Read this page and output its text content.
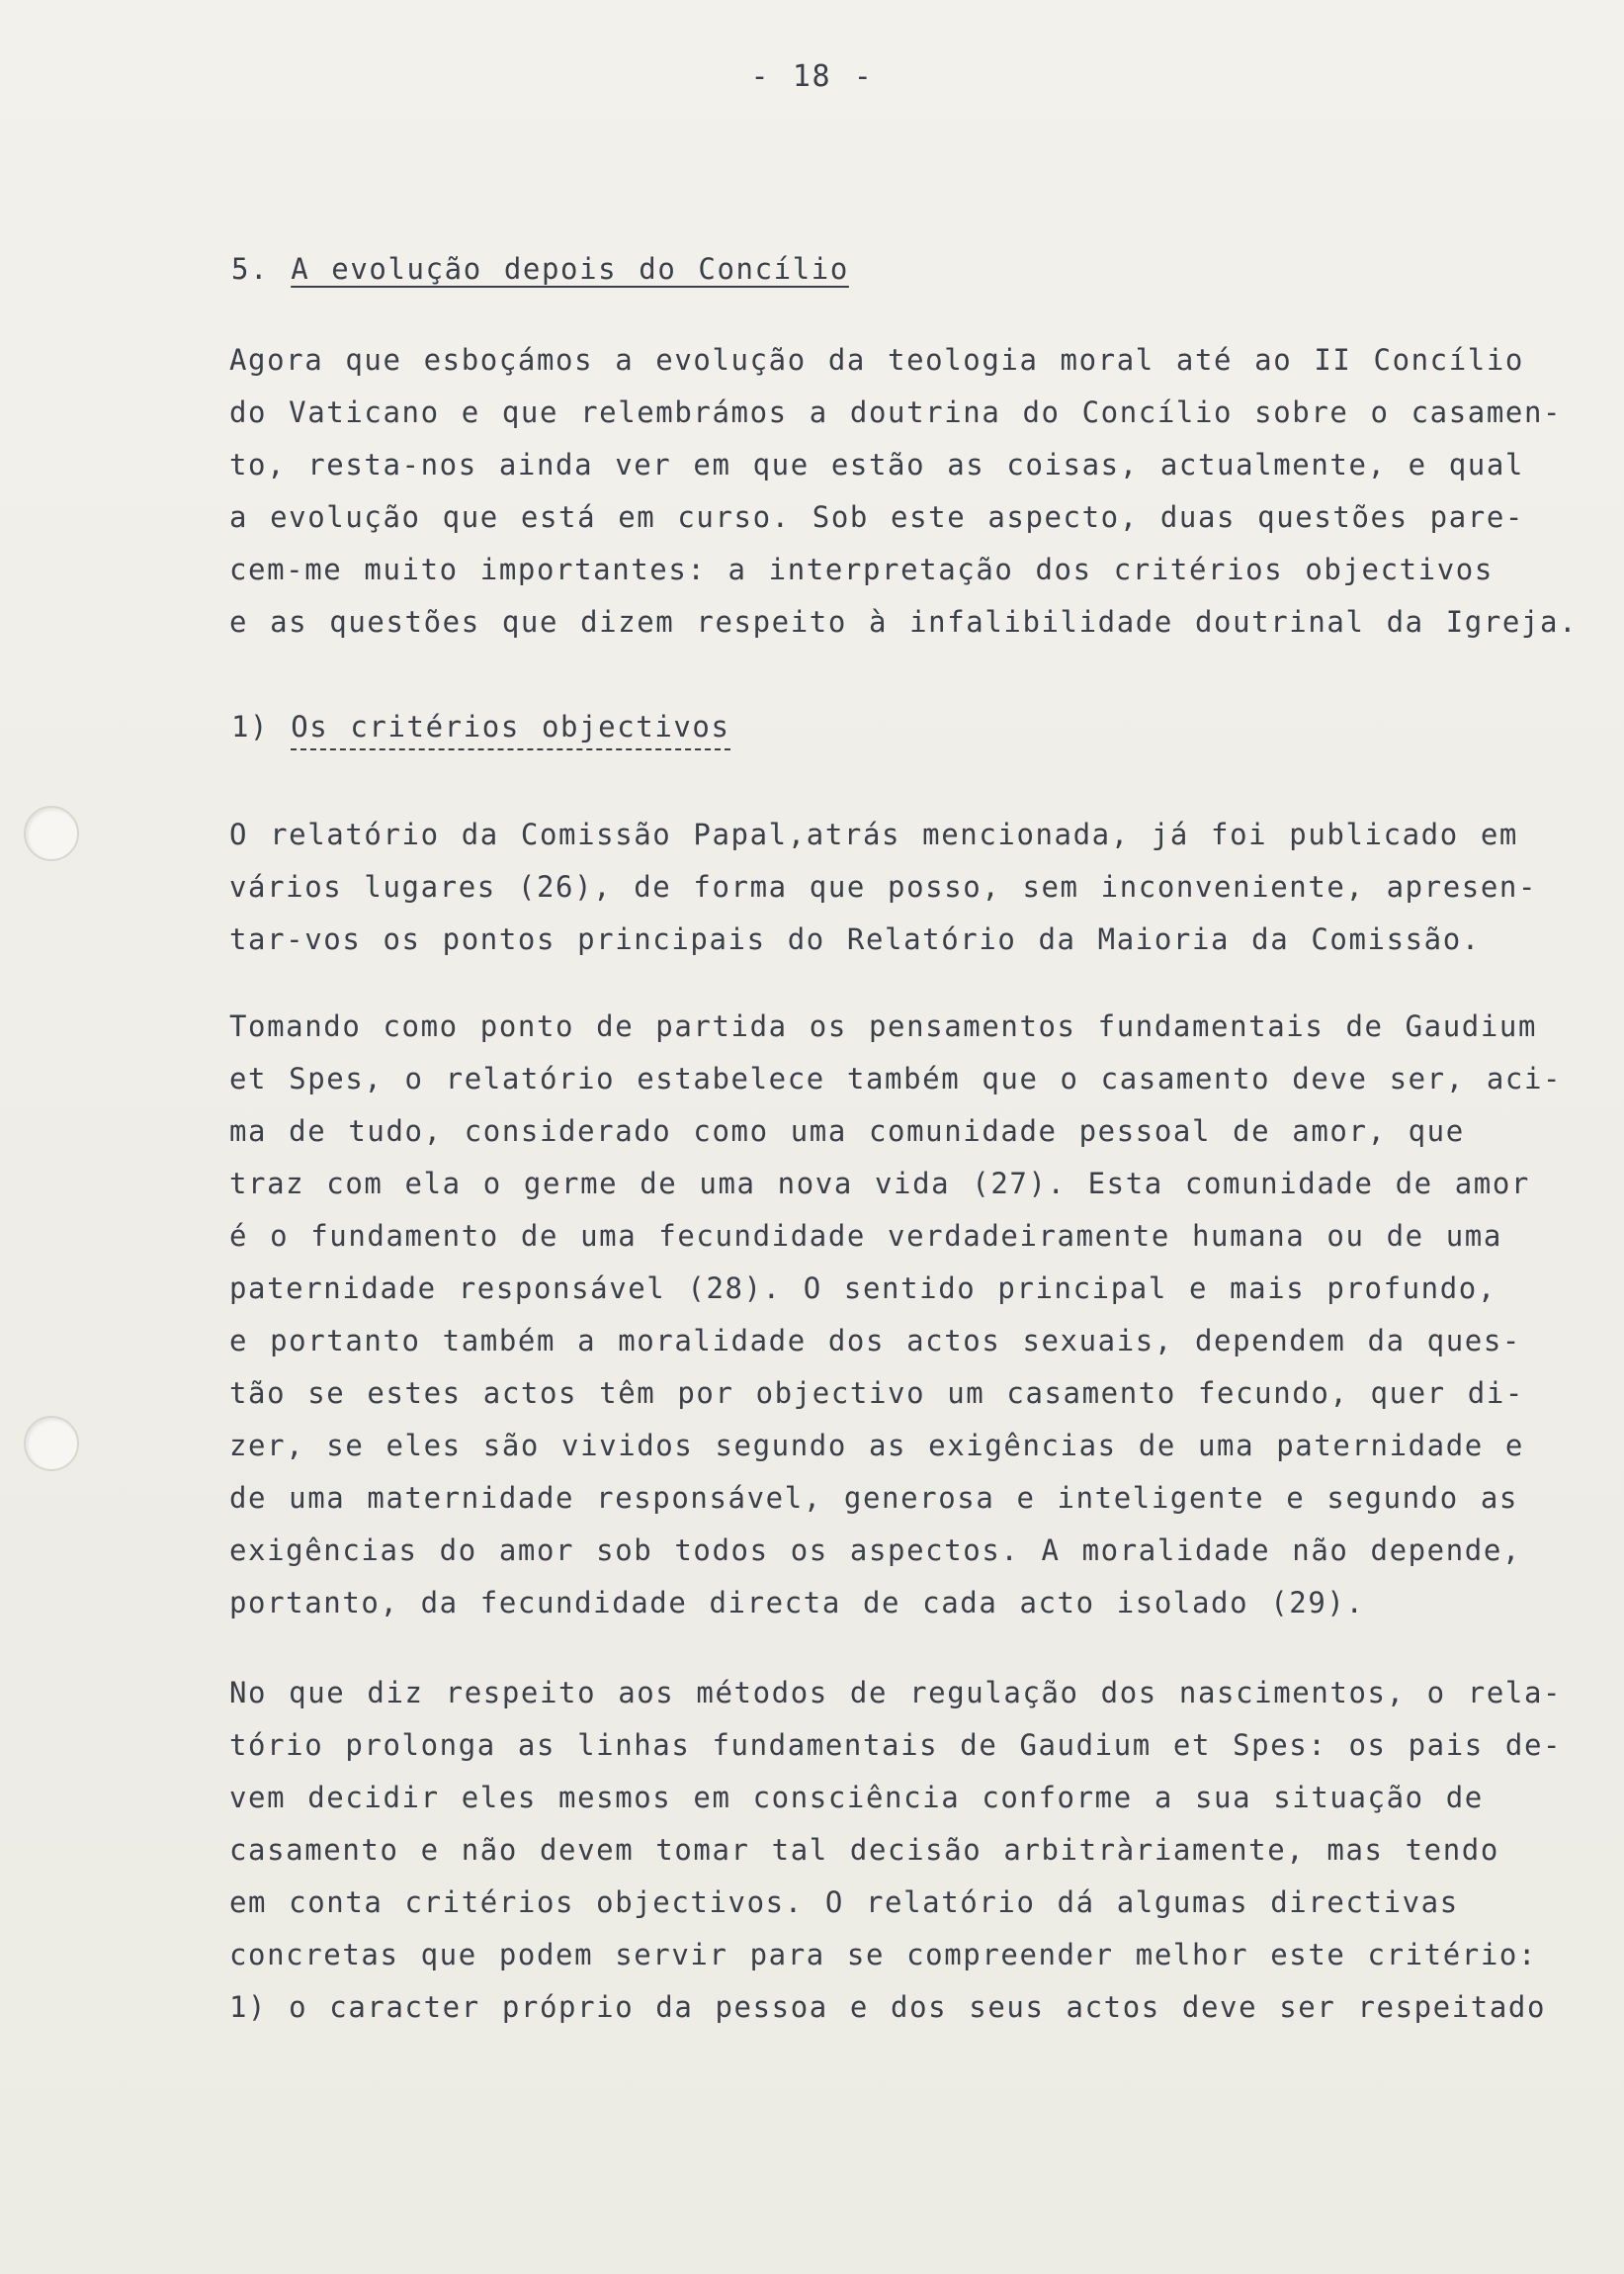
- 18 -
5. A evolução depois do Concílio
Agora que esboçámos a evolução da teologia moral até ao II Concílio
do Vaticano e que relembrámos a doutrina do Concílio sobre o casamen-
to, resta-nos ainda ver em que estão as coisas, actualmente, e qual
a evolução que está em curso. Sob este aspecto, duas questões pare-
cem-me muito importantes: a interpretação dos critérios objectivos
e as questões que dizem respeito à infalibilidade doutrinal da Igreja.
1) Os critérios objectivos
O relatório da Comissão Papal,atrás mencionada, já foi publicado em
vários lugares (26), de forma que posso, sem inconveniente, apresen-
tar-vos os pontos principais do Relatório da Maioria da Comissão.
Tomando como ponto de partida os pensamentos fundamentais de Gaudium
et Spes, o relatório estabelece também que o casamento deve ser, aci-
ma de tudo, considerado como uma comunidade pessoal de amor, que
traz com ela o germe de uma nova vida (27). Esta comunidade de amor
é o fundamento de uma fecundidade verdadeiramente humana ou de uma
paternidade responsável (28). O sentido principal e mais profundo,
e portanto também a moralidade dos actos sexuais, dependem da ques-
tão se estes actos têm por objectivo um casamento fecundo, quer di-
zer, se eles são vividos segundo as exigências de uma paternidade e
de uma maternidade responsável, generosa e inteligente e segundo as
exigências do amor sob todos os aspectos. A moralidade não depende,
portanto, da fecundidade directa de cada acto isolado (29).
No que diz respeito aos métodos de regulação dos nascimentos, o rela-
tório prolonga as linhas fundamentais de Gaudium et Spes: os pais de-
vem decidir eles mesmos em consciência conforme a sua situação de
casamento e não devem tomar tal decisão arbitràriamente, mas tendo
em conta critérios objectivos. O relatório dá algumas directivas
concretas que podem servir para se compreender melhor este critério:
1) o caracter próprio da pessoa e dos seus actos deve ser respeitado
